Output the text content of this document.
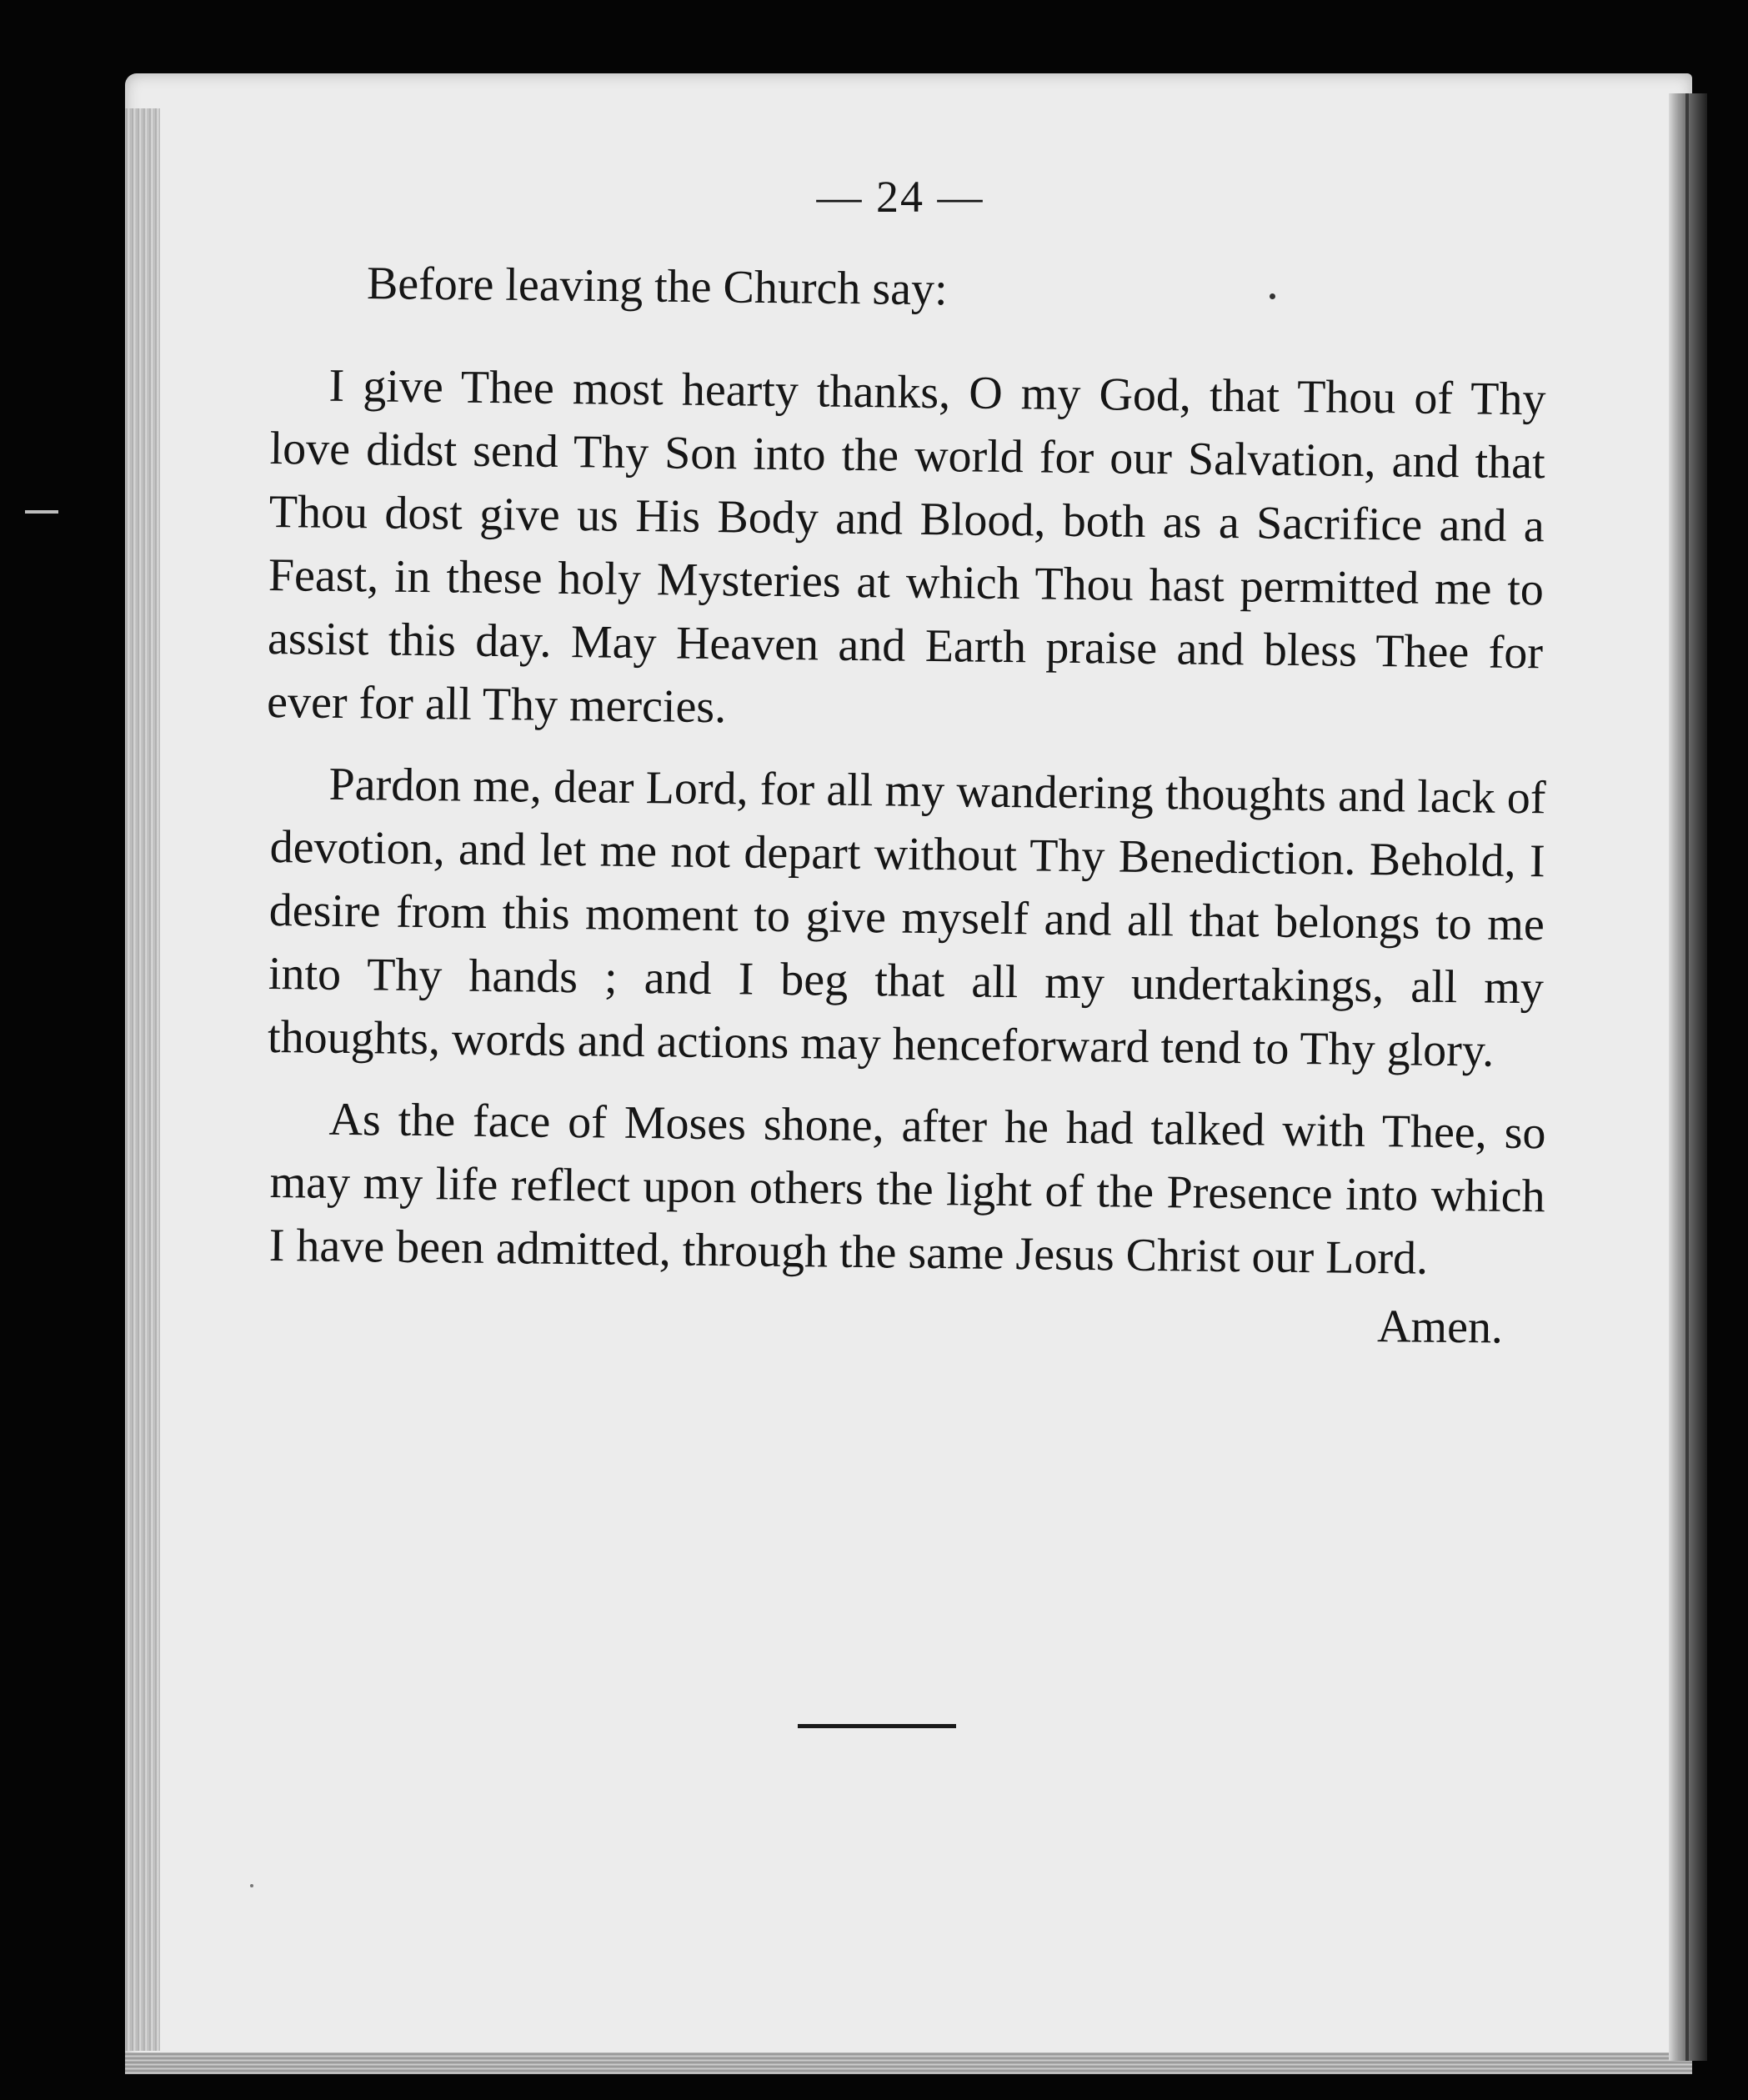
— 24 —
Before leaving the Church say:

I give Thee most hearty thanks, O my God, that Thou of Thy love didst send Thy Son into the world for our Salvation, and that Thou dost give us His Body and Blood, both as a Sacrifice and a Feast, in these holy Mysteries at which Thou hast permitted me to assist this day. May Heaven and Earth praise and bless Thee for ever for all Thy mercies.

Pardon me, dear Lord, for all my wandering thoughts and lack of devotion, and let me not depart without Thy Benediction. Behold, I desire from this moment to give myself and all that belongs to me into Thy hands ; and I beg that all my undertakings, all my thoughts, words and actions may henceforward tend to Thy glory.

As the face of Moses shone, after he had talked with Thee, so may my life reflect upon others the light of the Presence into which I have been admitted, through the same Jesus Christ our Lord.

Amen.
